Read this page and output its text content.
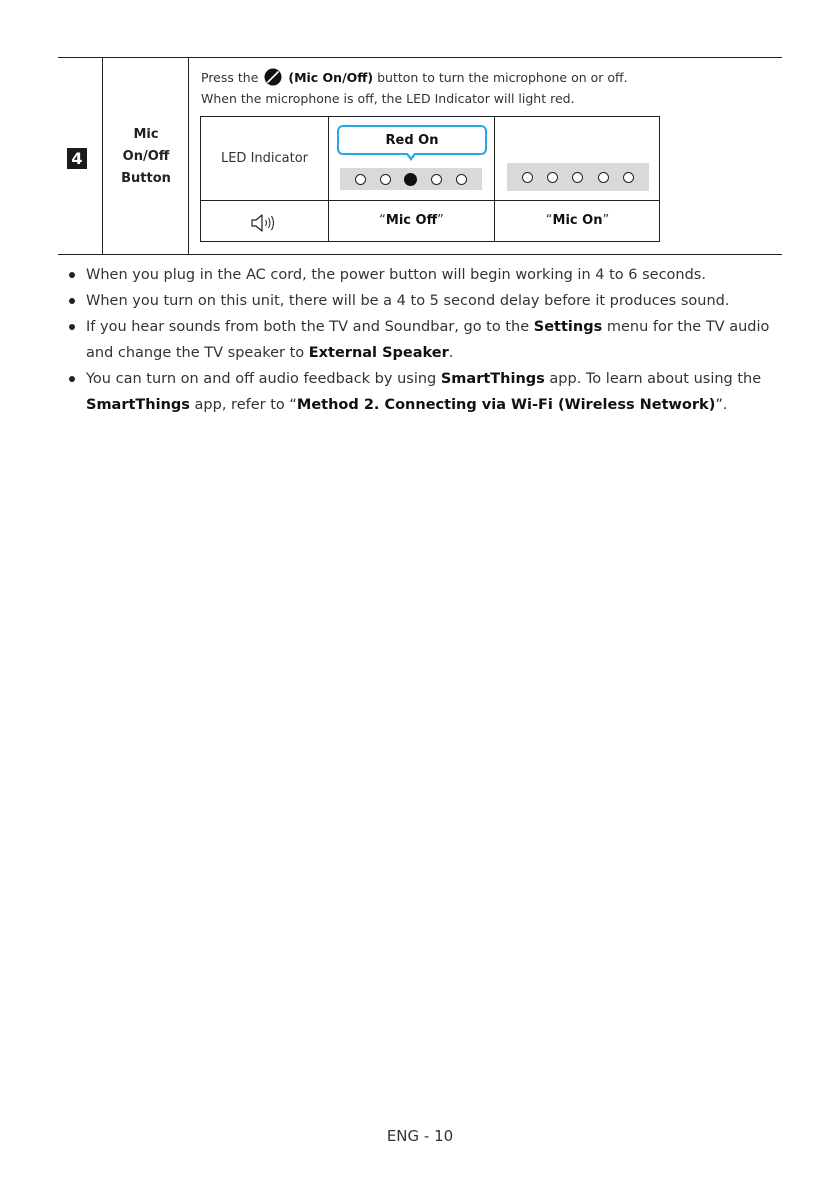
4
Mic
On/Off
Button
Press the (Mic On/Off) button to turn the microphone on or off.
When the microphone is off, the LED Indicator will light red.
LED Indicator
Red On
“Mic Off”	“Mic On”
When you plug in the AC cord, the power button will begin working in 4 to 6 seconds.
When you turn on this unit, there will be a 4 to 5 second delay before it produces sound.
If you hear sounds from both the TV and Soundbar, go to the Settings menu for the TV audio and change the TV speaker to External Speaker.
You can turn on and off audio feedback by using SmartThings app. To learn about using the SmartThings app, refer to “Method 2. Connecting via Wi-Fi (Wireless Network)”.
ENG - 10
